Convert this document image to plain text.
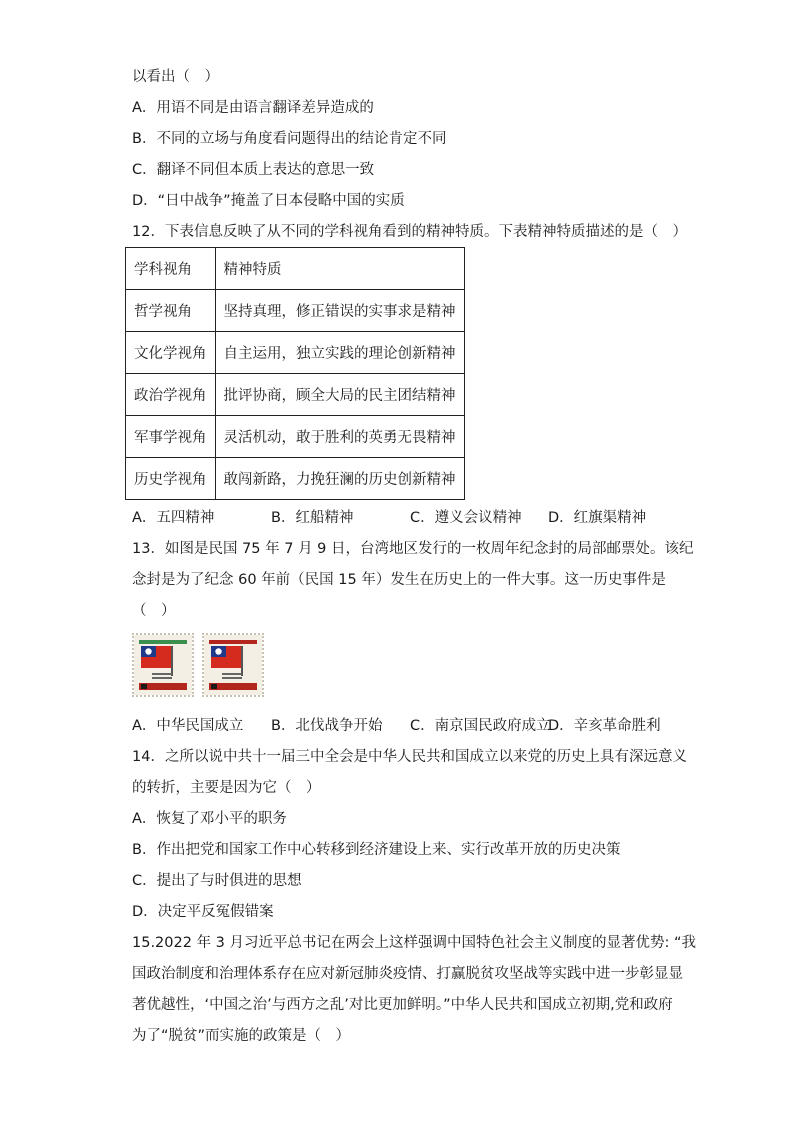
以看出（　）
A．用语不同是由语言翻译差异造成的
B．不同的立场与角度看问题得出的结论肯定不同
C．翻译不同但本质上表达的意思一致
D．“日中战争”掩盖了日本侵略中国的实质
12．下表信息反映了从不同的学科视角看到的精神特质。下表精神特质描述的是（　）
学科视角	精神特质
哲学视角	坚持真理，修正错误的实事求是精神
文化学视角	自主运用，独立实践的理论创新精神
政治学视角	批评协商，顾全大局的民主团结精神
军事学视角	灵活机动，敢于胜利的英勇无畏精神
历史学视角	敢闯新路，力挽狂澜的历史创新精神
A．五四精神	B．红船精神	C．遵义会议精神 D．红旗渠精神
13．如图是民国 75 年 7 月 9 日，台湾地区发行的一枚周年纪念封的局部邮票处。该纪
念封是为了纪念 60 年前（民国 15 年）发生在历史上的一件大事。这一历史事件是
（　）
A．中华民国成立 B．北伐战争开始 C．南京国民政府成立
D．辛亥革命胜利
14．之所以说中共十一届三中全会是中华人民共和国成立以来党的历史上具有深远意义
的转折，主要是因为它（　）
A．恢复了邓小平的职务
B．作出把党和国家工作中心转移到经济建设上来、实行改革开放的历史决策
C．提出了与时俱进的思想
D．决定平反冤假错案
15.2022 年 3 月习近平总书记在两会上这样强调中国特色社会主义制度的显著优势: “我
国政治制度和治理体系存在应对新冠肺炎疫情、打赢脱贫攻坚战等实践中进一步彰显显
著优越性，‘中国之治’与西方之乱’对比更加鲜明。”中华人民共和国成立初期,党和政府
为了“脱贫”而实施的政策是（　）
